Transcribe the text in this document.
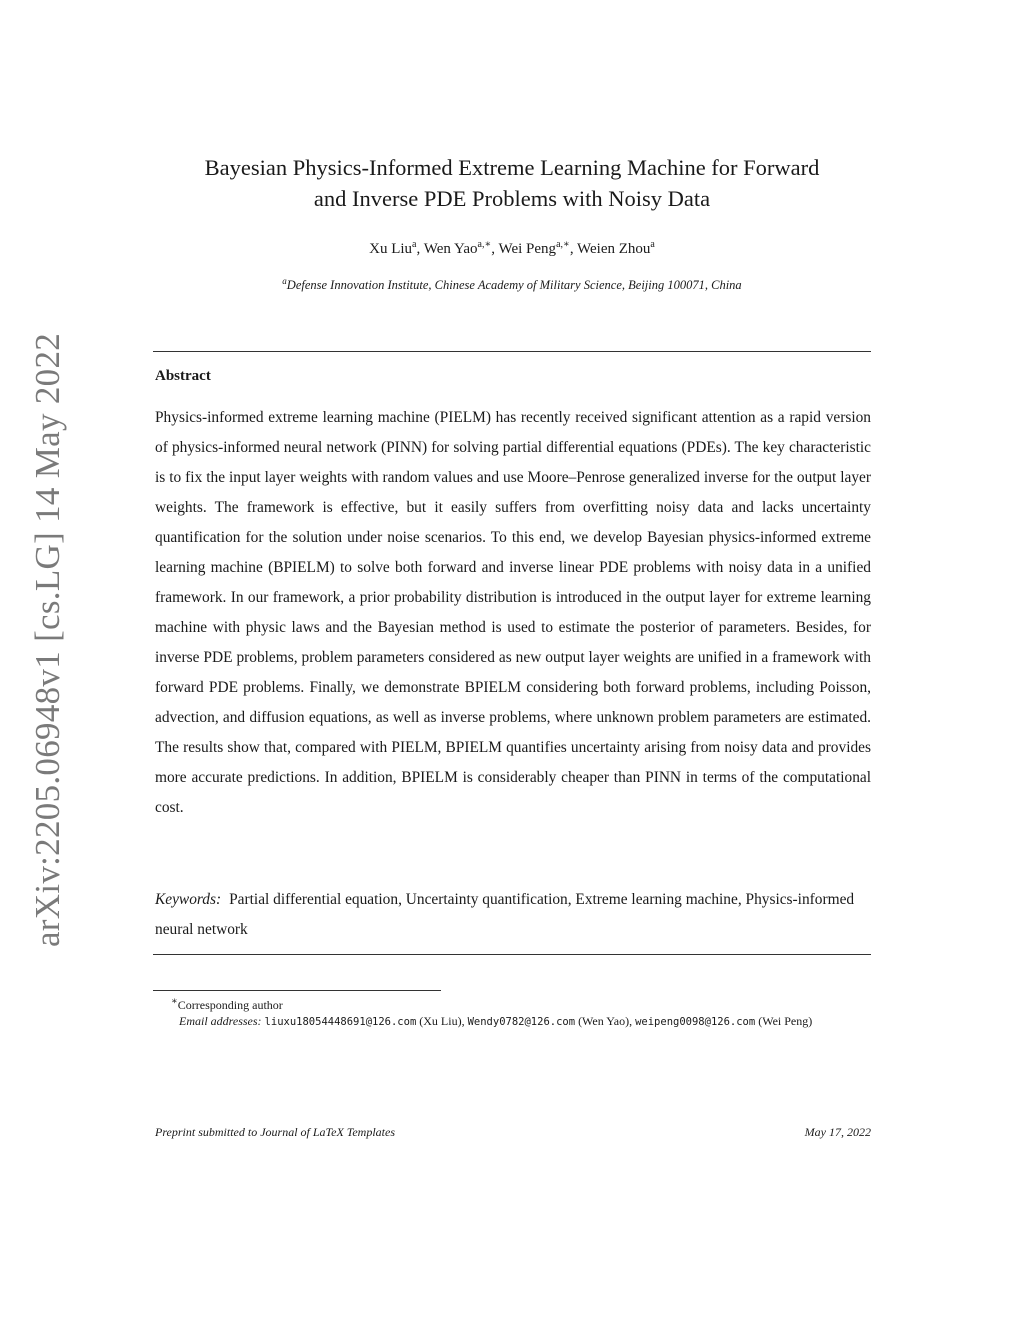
arXiv:2205.06948v1 [cs.LG] 14 May 2022
Bayesian Physics-Informed Extreme Learning Machine for Forward
and Inverse PDE Problems with Noisy Data
Xu Liu$^a$, Wen Yao$^{a,∗}$, Wei Peng$^{a,∗}$, Weien Zhou$^a$
$^a$Defense Innovation Institute, Chinese Academy of Military Science, Beijing 100071, China
Abstract

Physics-informed extreme learning machine (PIELM) has recently received significant attention as a rapid version of physics-informed neural network (PINN) for solving partial differential equations (PDEs). The key characteristic is to fix the input layer weights with random values and use Moore–Penrose generalized inverse for the output layer weights. The framework is effective, but it easily suffers from overfitting noisy data and lacks uncertainty quantification for the solution under noise scenarios. To this end, we develop Bayesian physics-informed extreme learning machine (BPIELM) to solve both forward and inverse linear PDE problems with noisy data in a unified framework. In our framework, a prior probability distribution is introduced in the output layer for extreme learning machine with physic laws and the Bayesian method is used to estimate the posterior of parameters. Besides, for inverse PDE problems, problem parameters considered as new output layer weights are unified in a framework with forward PDE problems. Finally, we demonstrate BPIELM considering both forward problems, including Poisson, advection, and diffusion equations, as well as inverse problems, where unknown problem parameters are estimated. The results show that, compared with PIELM, BPIELM quantifies uncertainty arising from noisy data and provides more accurate predictions. In addition, BPIELM is considerably cheaper than PINN in terms of the computational cost.

Keywords: Partial differential equation, Uncertainty quantification, Extreme learning machine, Physics-informed neural network
∗Corresponding author
Email addresses: liuxu18054448691@126.com (Xu Liu), Wendy0782@126.com (Wen Yao), weipeng0098@126.com (Wei Peng)
Preprint submitted to Journal of LaTeX Templates	May 17, 2022
